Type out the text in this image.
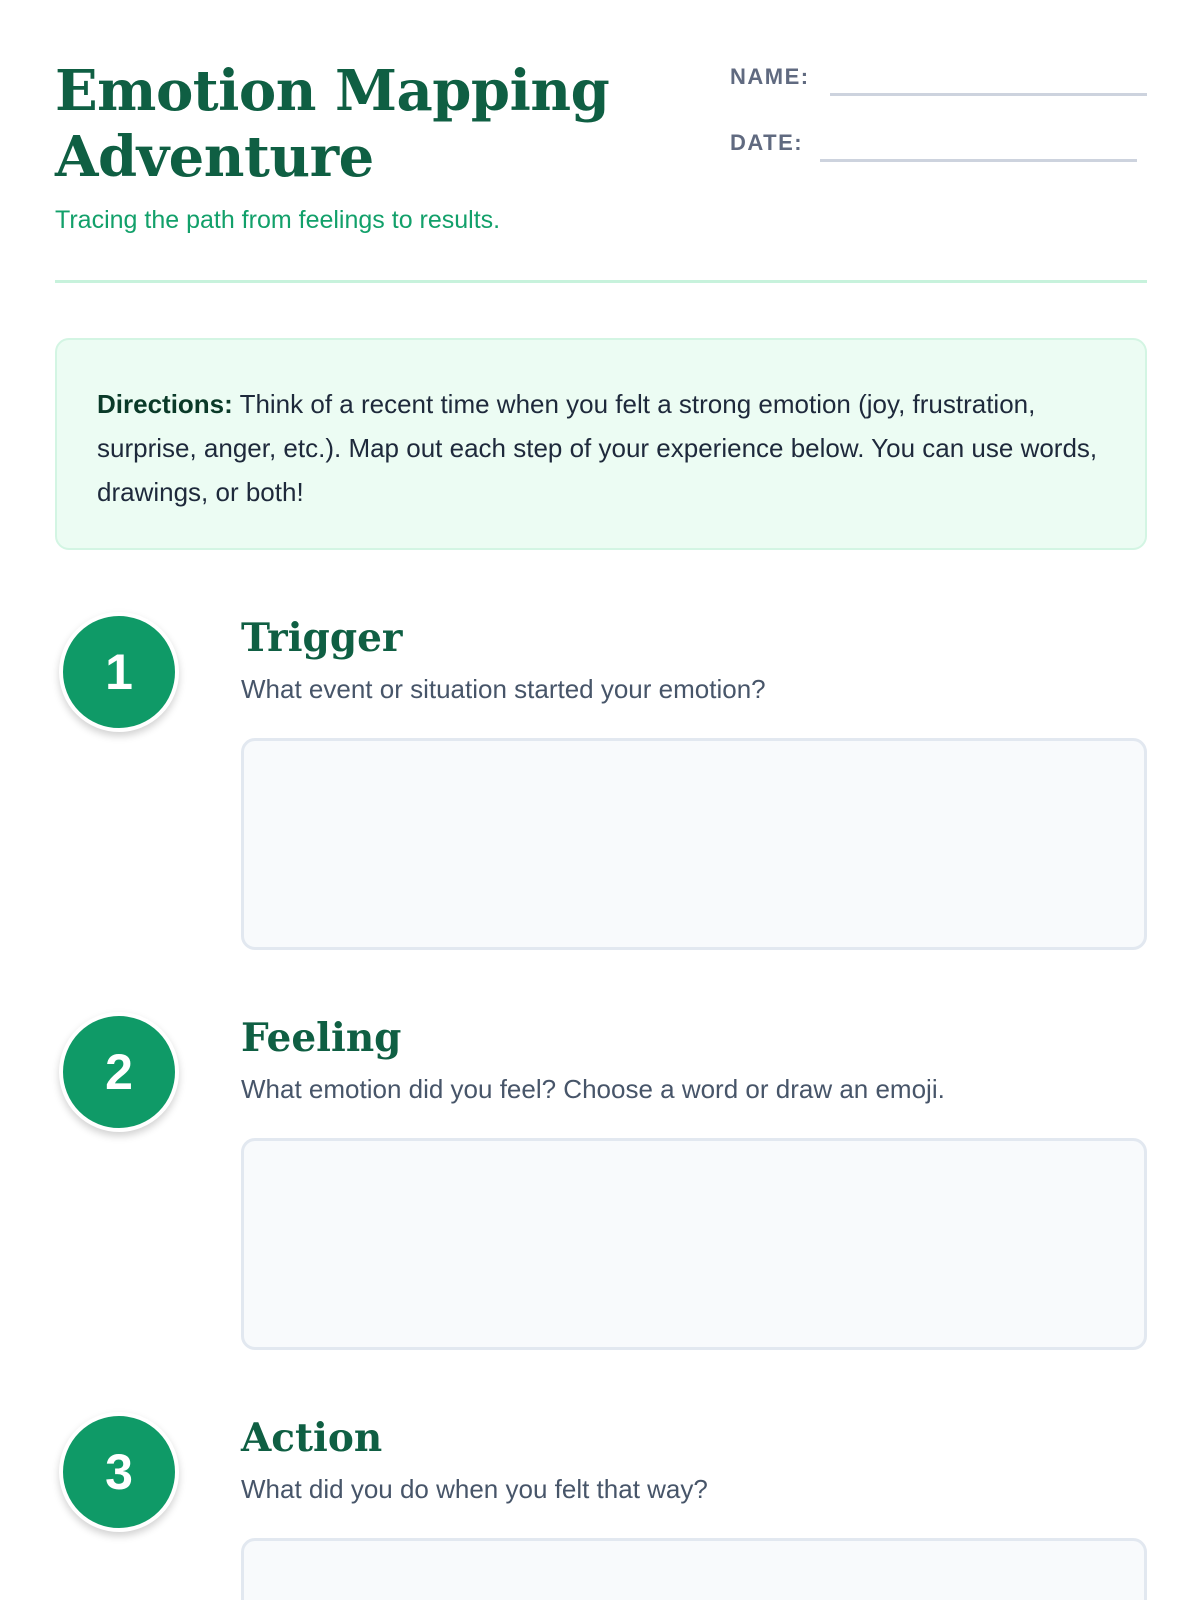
Emotion Mapping Adventure

Tracing the path from feelings to results.

NAME:
DATE:
Directions: Think of a recent time when you felt a strong emotion (joy, frustration, surprise, anger, etc.). Map out each step of your experience below. You can use words, drawings, or both!
1
Trigger

What event or situation started your emotion?

2
Feeling

What emotion did you feel? Choose a word or draw an emoji.

3
Action

What did you do when you felt that way?
